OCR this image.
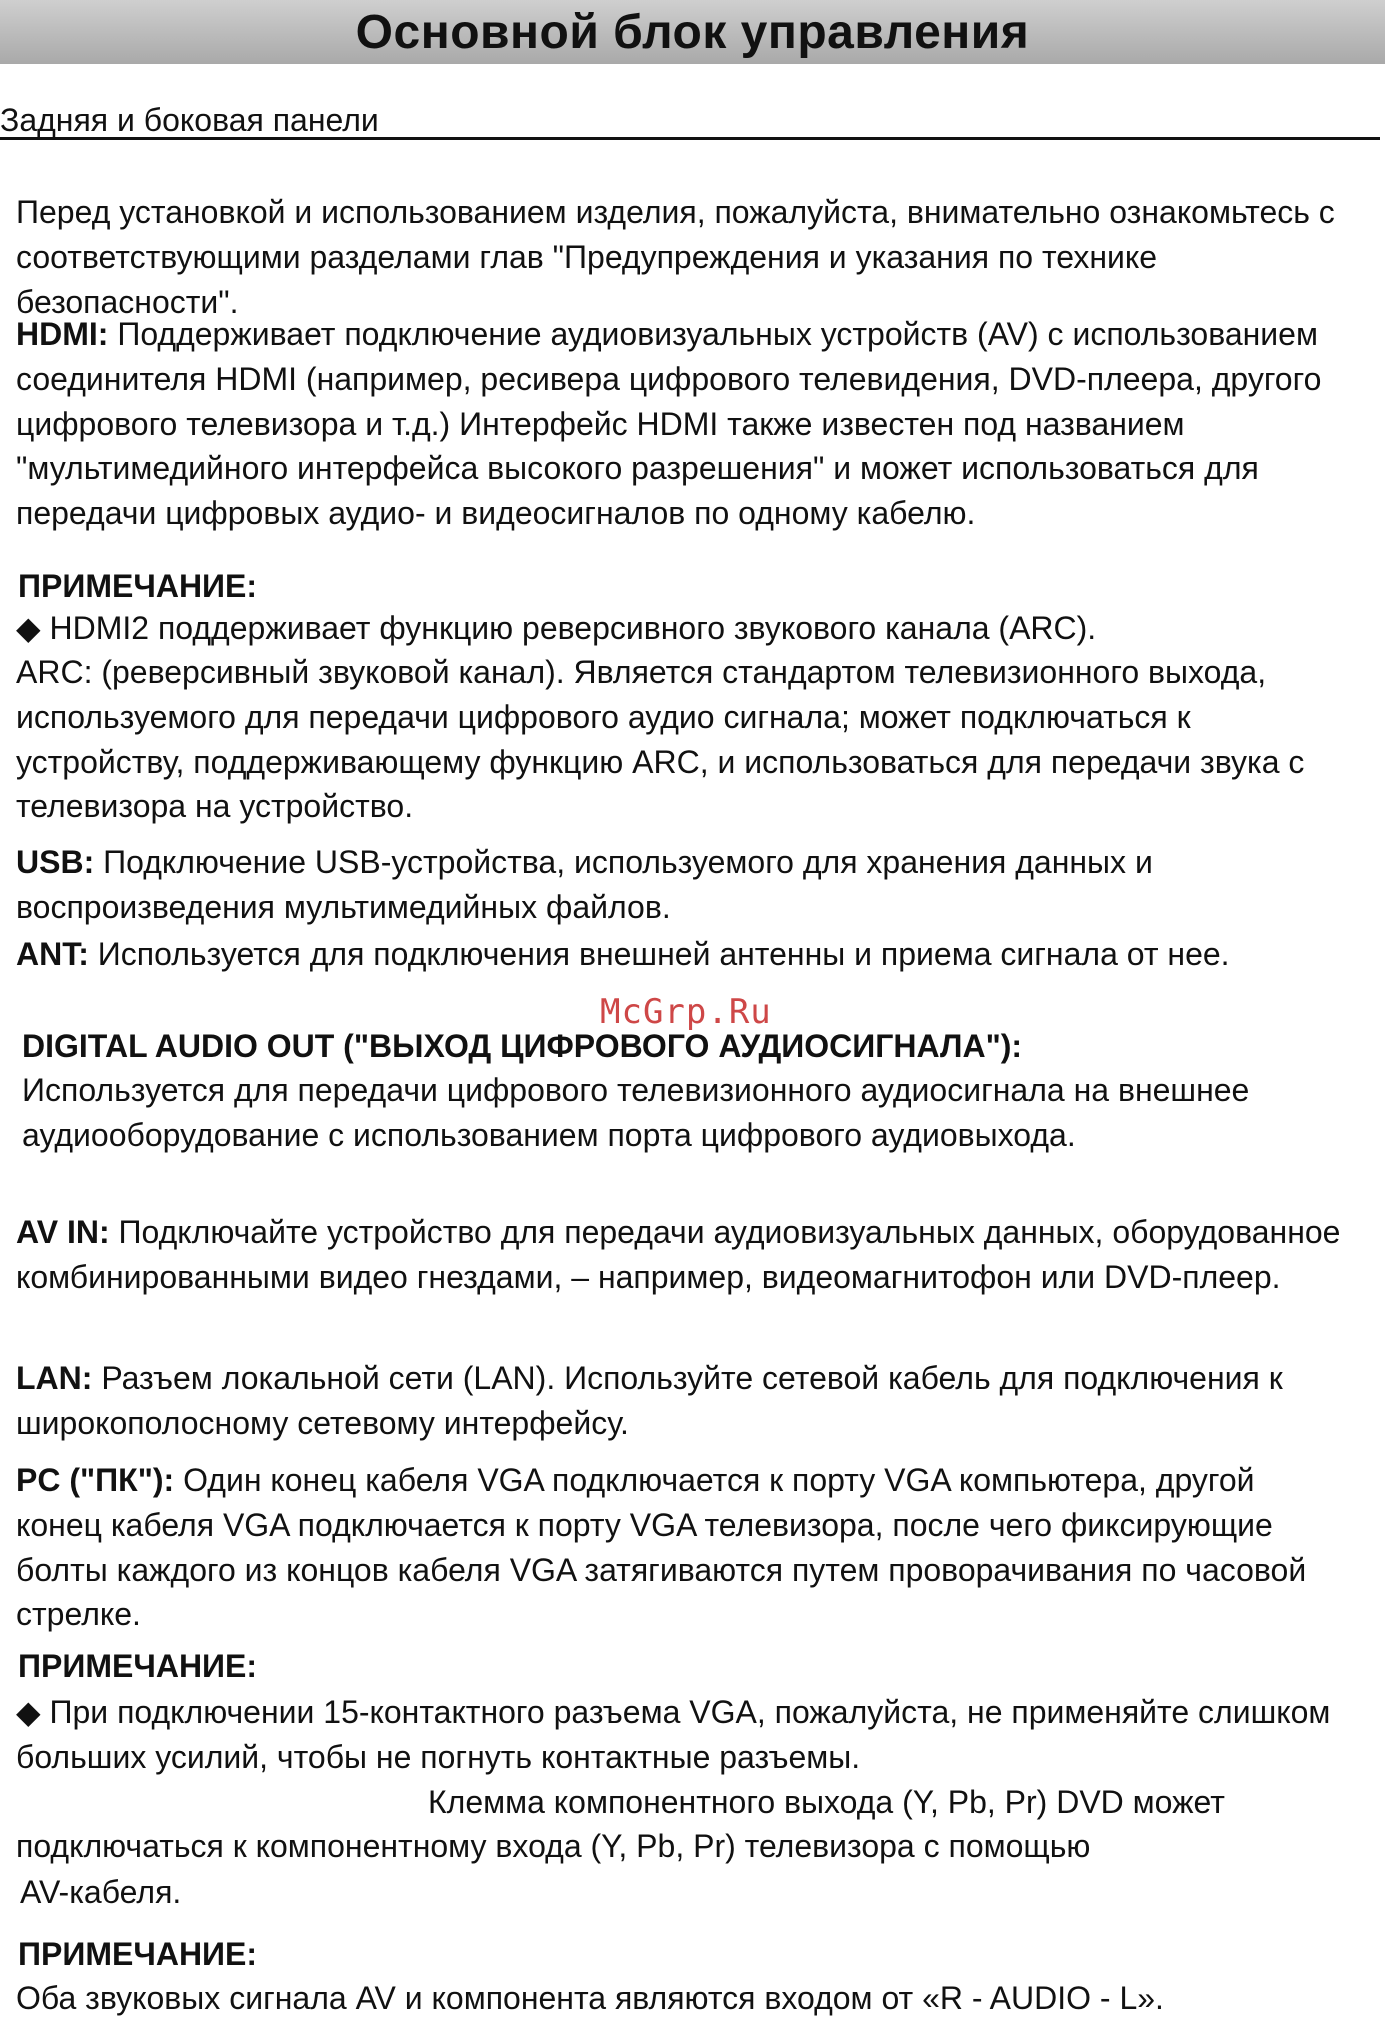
Основной блок управления
Задняя и боковая панели

Перед установкой и использованием изделия, пожалуйста, внимательно ознакомьтесь с соответствующими разделами глав "Предупреждения и указания по технике безопасности".

HDMI: Поддерживает подключение аудиовизуальных устройств (AV) с использованием соединителя HDMI (например, ресивера цифрового телевидения, DVD-плеера, другого цифрового телевизора и т.д.) Интерфейс HDMI также известен под названием "мультимедийного интерфейса высокого разрешения" и может использоваться для передачи цифровых аудио- и видеосигналов по одному кабелю.

ПРИМЕЧАНИЕ:

◆ HDMI2 поддерживает функцию реверсивного звукового канала (ARC).

ARC: (реверсивный звуковой канал). Является стандартом телевизионного выхода, используемого для передачи цифрового аудио сигнала; может подключаться к устройству, поддерживающему функцию ARC, и использоваться для передачи звука с телевизора на устройство.

USB: Подключение USB-устройства, используемого для хранения данных и воспроизведения мультимедийных файлов.

ANT: Используется для подключения внешней антенны и приема сигнала от нее.

McGrp.Ru

DIGITAL AUDIO OUT ("ВЫХОД ЦИФРОВОГО АУДИОСИГНАЛА"):

Используется для передачи цифрового телевизионного аудиосигнала на внешнее аудиооборудование с использованием порта цифрового аудиовыхода.

AV IN: Подключайте устройство для передачи аудиовизуальных данных, оборудованное комбинированными видео гнездами, – например, видеомагнитофон или DVD-плеер.

LAN: Разъем локальной сети (LAN). Используйте сетевой кабель для подключения к широкополосному сетевому интерфейсу.

PC ("ПК"): Один конец кабеля VGA подключается к порту VGA компьютера, другой конец кабеля VGA подключается к порту VGA телевизора, после чего фиксирующие болты каждого из концов кабеля VGA затягиваются путем проворачивания по часовой стрелке.

ПРИМЕЧАНИЕ:

◆ При подключении 15-контактного разъема VGA, пожалуйста, не применяйте слишком больших усилий, чтобы не погнуть контактные разъемы.

Клемма компонентного выхода (Y, Pb, Pr) DVD может

подключаться к компонентному входа (Y, Pb, Pr) телевизора с помощью

AV-кабеля.

ПРИМЕЧАНИЕ:

Оба звуковых сигнала AV и компонента являются входом от «R - AUDIO - L».
